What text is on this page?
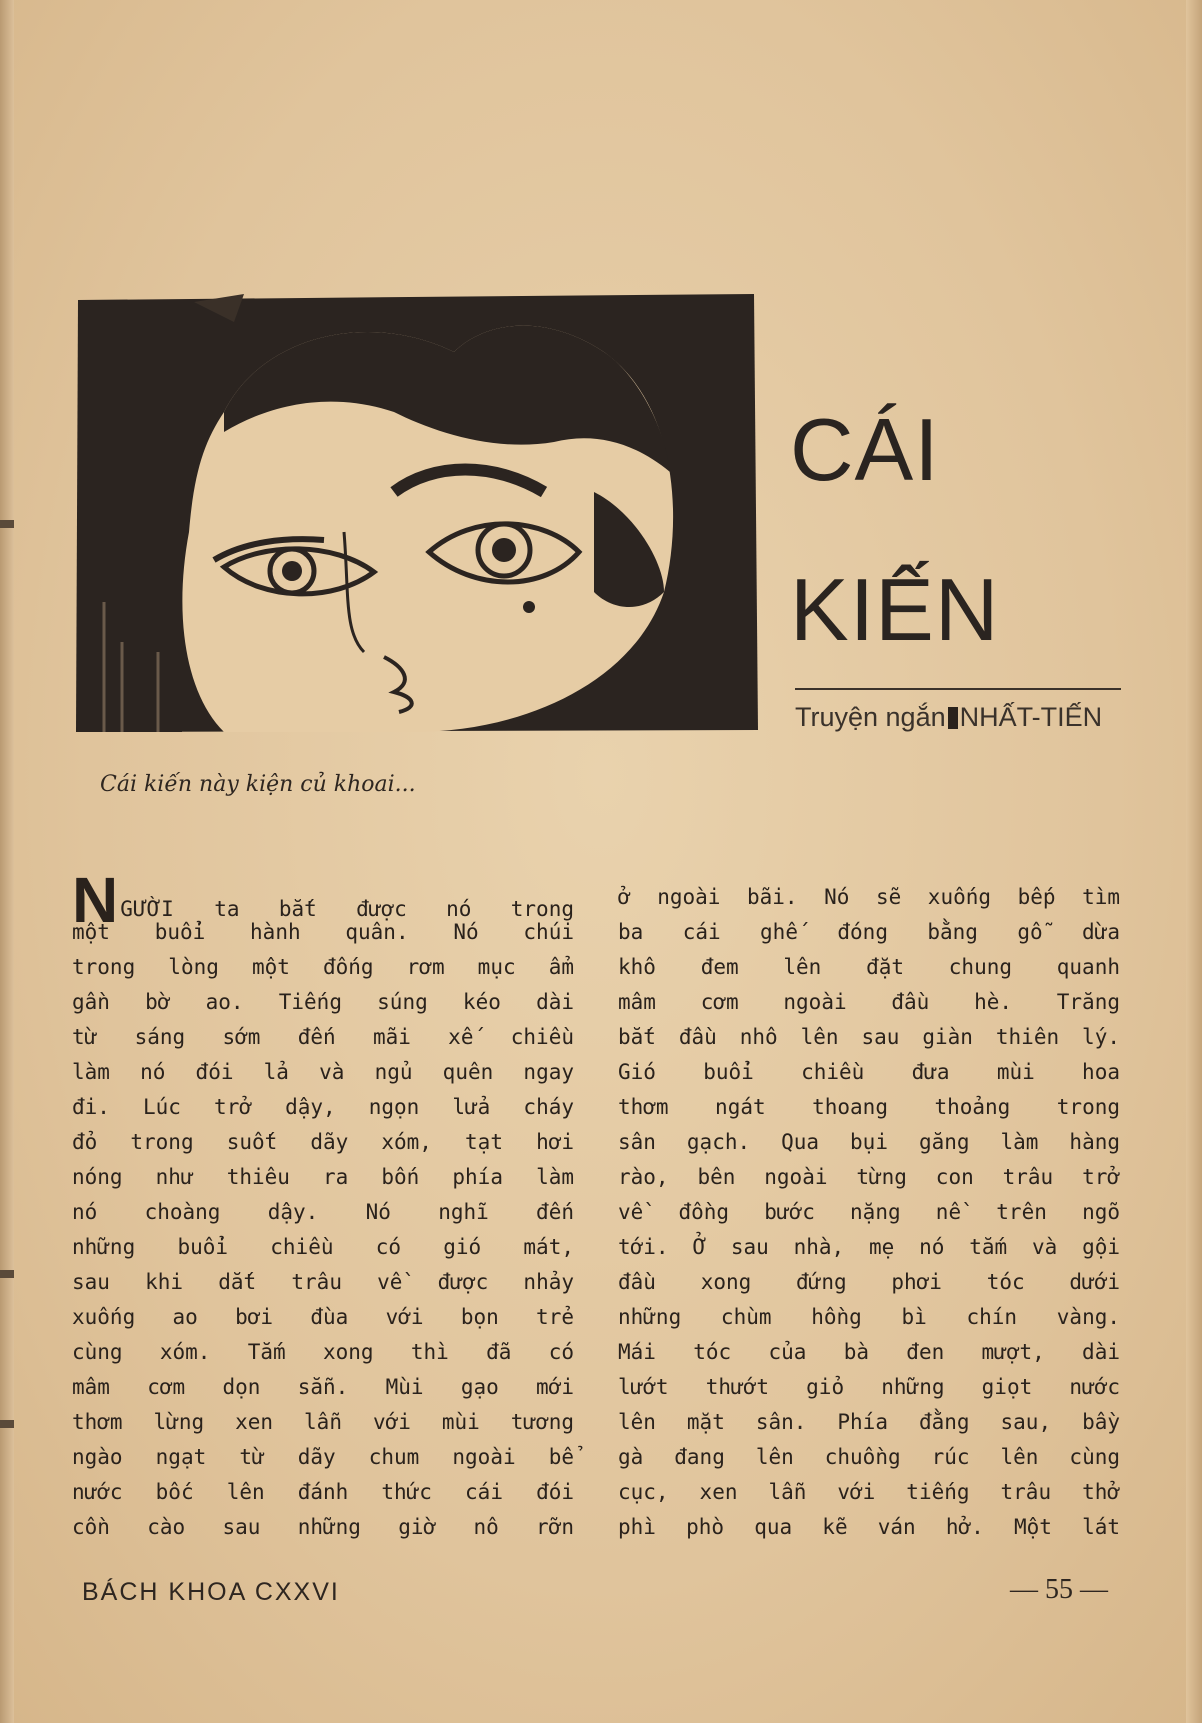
CÁI
KIẾN
Truyện ngắn NHẤT-TIẾN
Cái kiến này kiện củ khoai...
NGƯỜI ta bắt được nó trong
một buổi hành quân. Nó chúi
trong lòng một đống rơm mục ẩm
gần bờ ao. Tiếng súng kéo dài
từ sáng sớm đến mãi xế chiều
làm nó đói lả và ngủ quên ngay
đi. Lúc trở dậy, ngọn lửa cháy
đỏ trong suốt dãy xóm, tạt hơi
nóng như thiêu ra bốn phía làm
nó choàng dậy. Nó nghĩ đến
những buổi chiều có gió mát,
sau khi dắt trâu về được nhảy
xuống ao bơi đùa với bọn trẻ
cùng xóm. Tắm xong thì đã có
mâm cơm dọn sẵn. Mùi gạo mới
thơm lừng xen lẫn với mùi tương
ngào ngạt từ dãy chum ngoài bể
nước bốc lên đánh thức cái đói
cồn cào sau những giờ nô rỡn
ở ngoài bãi. Nó sẽ xuống bếp tìm
ba cái ghế đóng bằng gỗ dừa
khô đem lên đặt chung quanh
mâm cơm ngoài đầu hè. Trăng
bắt đầu nhô lên sau giàn thiên lý.
Gió buổi chiều đưa mùi hoa
thơm ngát thoang thoảng trong
sân gạch. Qua bụi găng làm hàng
rào, bên ngoài từng con trâu trở
về đồng bước nặng nề trên ngõ
tới. Ở sau nhà, mẹ nó tắm và gội
đầu xong đứng phơi tóc dưới
những chùm hồng bì chín vàng.
Mái tóc của bà đen mượt, dài
lướt thướt giỏ những giọt nước
lên mặt sân. Phía đằng sau, bầy
gà đang lên chuồng rúc lên cùng
cục, xen lẫn với tiếng trâu thở
phì phò qua kẽ ván hở. Một lát
BÁCH KHOA CXXVI	— 55 —
